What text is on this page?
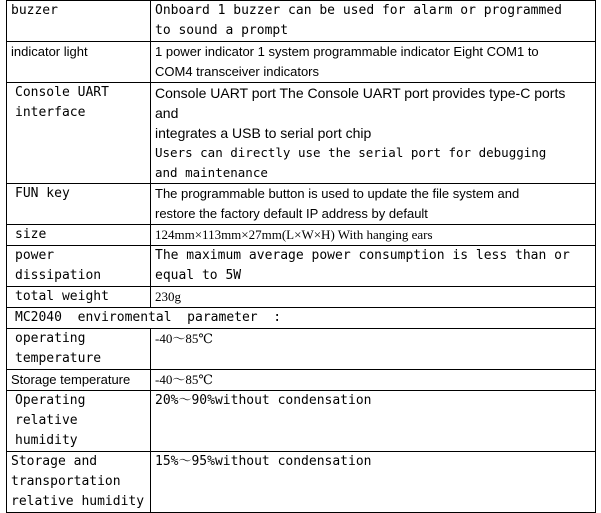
buzzer	Onboard 1 buzzer can be used for alarm or programmed
to sound a prompt

indicator light	1 power indicator 1 system programmable indicator Eight COM1 to
COM4 transceiver indicators

Console UART
interface	Console UART port The Console UART port provides type-C ports and
integrates a USB to serial port chip
Users can directly use the serial port for debugging
and maintenance

FUN key	The programmable button is used to update the file system and
restore the factory default IP address by default

size	124mm×113mm×27mm(L×W×H) With hanging ears

power
dissipation	The maximum average power consumption is less than or
equal to 5W

total weight	230g

MC2040  enviromental  parameter  :	

operating
temperature	-40～85℃

Storage temperature	-40～85℃

Operating
relative
humidity	20%～90%without condensation

Storage and
transportation
relative humidity	15%～95%without condensation
